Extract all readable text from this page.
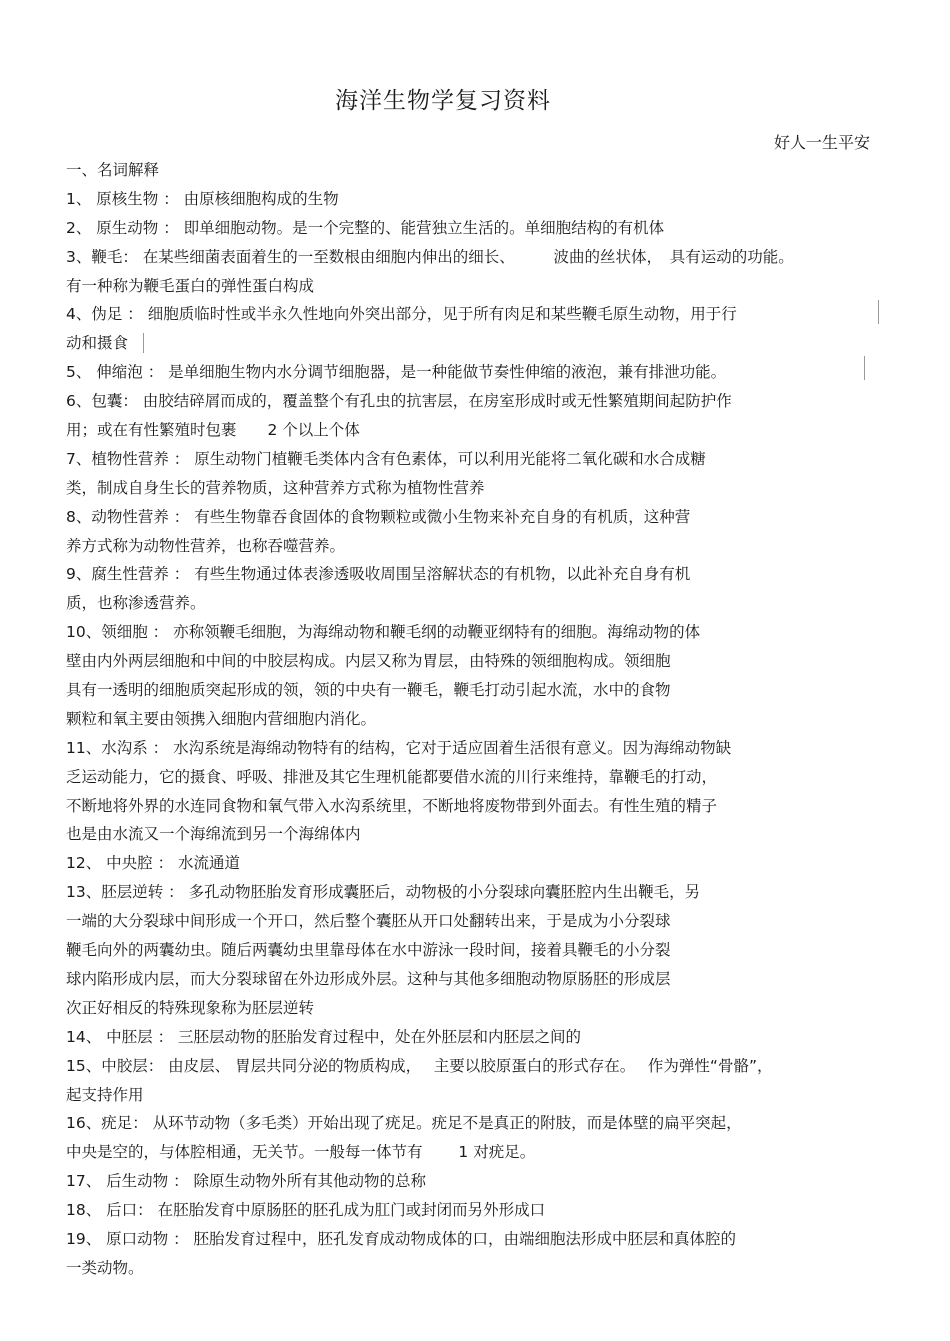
海洋生物学复习资料
好人一生平安
一、名词解释
1、 原核生物 ： 由原核细胞构成的生物
2、 原生动物 ： 即单细胞动物。是一个完整的、能营独立生活的。单细胞结构的有机体
3、鞭毛： 在某些细菌表面着生的一至数根由细胞内伸出的细长、　　　波曲的丝状体，　具有运动的功能。
有一种称为鞭毛蛋白的弹性蛋白构成
4、伪足 ： 细胞质临时性或半永久性地向外突出部分，见于所有肉足和某些鞭毛原生动物，用于行
动和摄食
5、 伸缩泡 ： 是单细胞生物内水分调节细胞器，是一种能做节奏性伸缩的液泡，兼有排泄功能。
6、包囊： 由胶结碎屑而成的，覆盖整个有孔虫的抗害层，在房室形成时或无性繁殖期间起防护作
用；或在有性繁殖时包裹　　2 个以上个体
7、植物性营养 ： 原生动物门植鞭毛类体内含有色素体，可以利用光能将二氧化碳和水合成糖
类，制成自身生长的营养物质，这种营养方式称为植物性营养
8、动物性营养 ： 有些生物靠吞食固体的食物颗粒或微小生物来补充自身的有机质，这种营
养方式称为动物性营养，也称吞噬营养。
9、腐生性营养 ： 有些生物通过体表渗透吸收周围呈溶解状态的有机物，以此补充自身有机
质，也称渗透营养。
10、领细胞 ： 亦称领鞭毛细胞，为海绵动物和鞭毛纲的动鞭亚纲特有的细胞。海绵动物的体
壁由内外两层细胞和中间的中胶层构成。内层又称为胃层，由特殊的领细胞构成。领细胞
具有一透明的细胞质突起形成的领，领的中央有一鞭毛，鞭毛打动引起水流，水中的食物
颗粒和氧主要由领携入细胞内营细胞内消化。
11、水沟系 ： 水沟系统是海绵动物特有的结构，它对于适应固着生活很有意义。因为海绵动物缺
乏运动能力，它的摄食、呼吸、排泄及其它生理机能都要借水流的川行来维持，靠鞭毛的打动，
不断地将外界的水连同食物和氧气带入水沟系统里，不断地将废物带到外面去。有性生殖的精子
也是由水流又一个海绵流到另一个海绵体内
12、 中央腔 ： 水流通道
13、胚层逆转 ： 多孔动物胚胎发育形成囊胚后，动物极的小分裂球向囊胚腔内生出鞭毛，另
一端的大分裂球中间形成一个开口，然后整个囊胚从开口处翻转出来，于是成为小分裂球
鞭毛向外的两囊幼虫。随后两囊幼虫里靠母体在水中游泳一段时间，接着具鞭毛的小分裂
球内陷形成内层，而大分裂球留在外边形成外层。这种与其他多细胞动物原肠胚的形成层
次正好相反的特殊现象称为胚层逆转
14、 中胚层 ： 三胚层动物的胚胎发育过程中，处在外胚层和内胚层之间的
15、中胶层： 由皮层、 胃层共同分泌的物质构成，　 主要以胶原蛋白的形式存在。　 作为弹性“骨骼”，
起支持作用
16、疣足： 从环节动物（多毛类）开始出现了疣足。疣足不是真正的附肢，而是体壁的扁平突起，
中央是空的，与体腔相通，无关节。一般每一体节有　　 1 对疣足。
17、 后生动物 ： 除原生动物外所有其他动物的总称
18、 后口： 在胚胎发育中原肠胚的胚孔成为肛门或封闭而另外形成口
19、 原口动物 ： 胚胎发育过程中，胚孔发育成动物成体的口，由端细胞法形成中胚层和真体腔的
一类动物。
